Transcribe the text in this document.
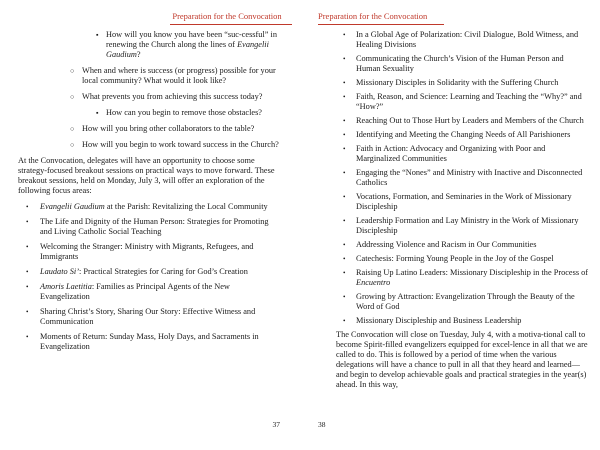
Preparation for the Convocation
▪ How will you know you have been “suc-cessful” in renewing the Church along the lines of Evangelii Gaudium?
○ When and where is success (or progress) possible for your local community? What would it look like?
○ What prevents you from achieving this success today?
▪ How can you begin to remove those obstacles?
○ How will you bring other collaborators to the table?
○ How will you begin to work toward success in the Church?

At the Convocation, delegates will have an opportunity to choose some strategy-focused breakout sessions on practical ways to move forward. These breakout sessions, held on Monday, July 3, will offer an exploration of the following focus areas:

• Evangelii Gaudium at the Parish: Revitalizing the Local Community
• The Life and Dignity of the Human Person: Strategies for Promoting and Living Catholic Social Teaching
• Welcoming the Stranger: Ministry with Migrants, Refugees, and Immigrants
• Laudato Si’: Practical Strategies for Caring for God’s Creation
• Amoris Laetitia: Families as Principal Agents of the New Evangelization
• Sharing Christ’s Story, Sharing Our Story: Effective Witness and Communication
• Moments of Return: Sunday Mass, Holy Days, and Sacraments in Evangelization
37
Preparation for the Convocation
• In a Global Age of Polarization: Civil Dialogue, Bold Witness, and Healing Divisions
• Communicating the Church’s Vision of the Human Person and Human Sexuality
• Missionary Disciples in Solidarity with the Suffering Church
• Faith, Reason, and Science: Learning and Teaching the “Why?” and “How?”
• Reaching Out to Those Hurt by Leaders and Members of the Church
• Identifying and Meeting the Changing Needs of All Parishioners
• Faith in Action: Advocacy and Organizing with Poor and Marginalized Communities
• Engaging the “Nones” and Ministry with Inactive and Disconnected Catholics
• Vocations, Formation, and Seminaries in the Work of Missionary Discipleship
• Leadership Formation and Lay Ministry in the Work of Missionary Discipleship
• Addressing Violence and Racism in Our Communities
• Catechesis: Forming Young People in the Joy of the Gospel
• Raising Up Latino Leaders: Missionary Discipleship in the Process of Encuentro
• Growing by Attraction: Evangelization Through the Beauty of the Word of God
• Missionary Discipleship and Business Leadership

The Convocation will close on Tuesday, July 4, with a motiva-tional call to become Spirit-filled evangelizers equipped for excel-lence in all that we are called to do. This is followed by a period of time when the various delegations will have a chance to pull in all that they heard and learned—and begin to develop achievable goals and practical strategies in the year(s) ahead. In this way,

38
